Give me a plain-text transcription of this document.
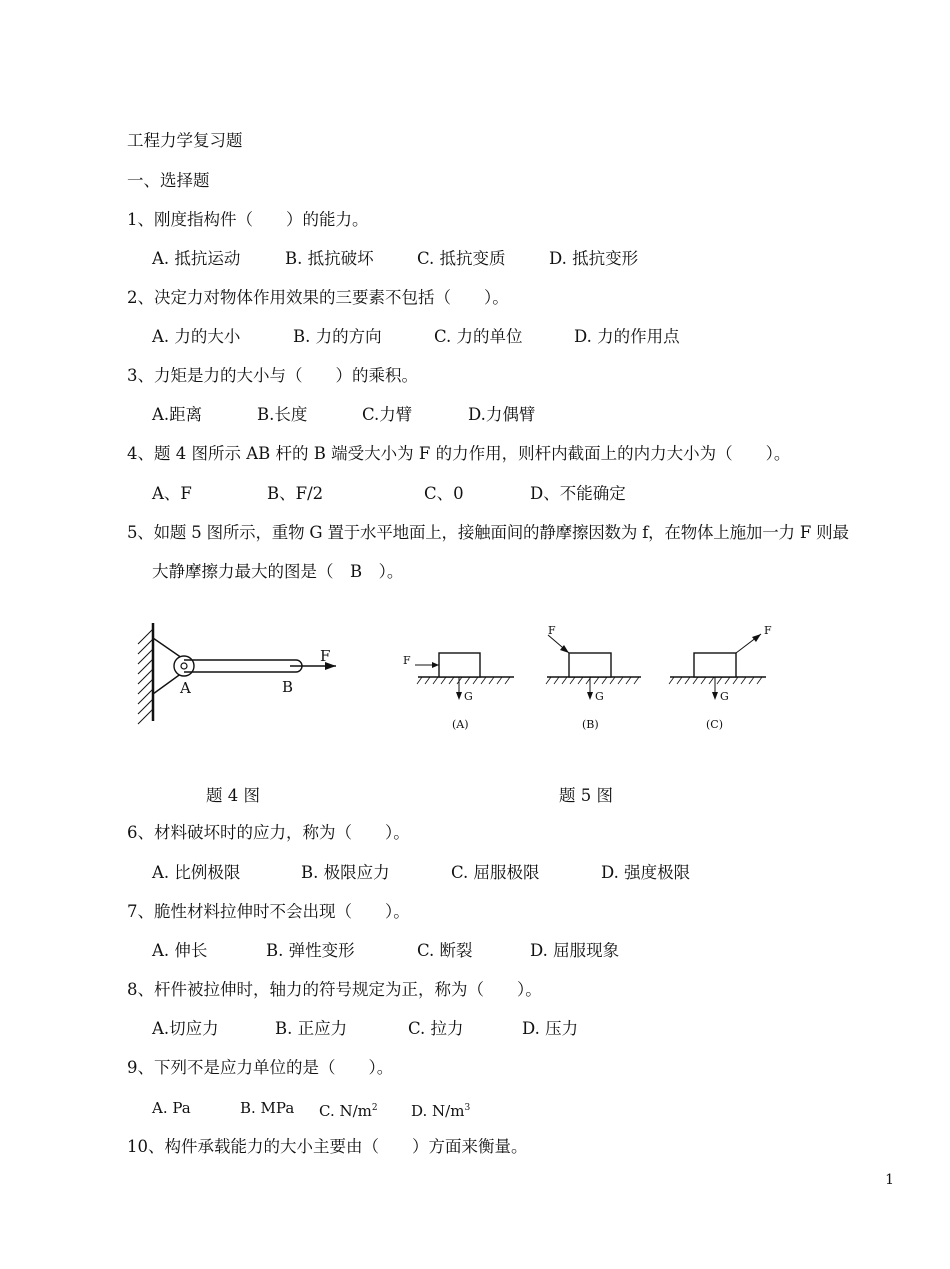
工程力学复习题
一、选择题
1、刚度指构件（　　）的能力。
A. 抵抗运动	B. 抵抗破坏	C. 抵抗变质	D. 抵抗变形
2、决定力对物体作用效果的三要素不包括（　　）。
A. 力的大小	B. 力的方向	C. 力的单位	D. 力的作用点
3、力矩是力的大小与（　　）的乘积。
A.距离	B.长度	C.力臂	D.力偶臂
4、题 4 图所示 AB 杆的 B 端受大小为 F 的力作用，则杆内截面上的内力大小为（　　）。
A、F	B、F/2	C、0	D、不能确定
5、如题 5 图所示，重物 G 置于水平地面上，接触面间的静摩擦因数为 f，在物体上施加一力 F 则最
大静摩擦力最大的图是（　B　）。
A	B
F	F
G
(A)
F
G
(B)
F
G
(C)
题 4 图	题 5 图
6、材料破坏时的应力，称为（　　）。
A. 比例极限	B. 极限应力	C. 屈服极限	D. 强度极限
7、脆性材料拉伸时不会出现（　　）。
A. 伸长	B. 弹性变形	C. 断裂	D. 屈服现象
8、杆件被拉伸时，轴力的符号规定为正，称为（　　）。
A.切应力	B. 正应力	C. 拉力	D. 压力
9、下列不是应力单位的是（　　）。
A. Pa	B. MPa C. $N/m^2$ D. $N/m^3$
10、构件承载能力的大小主要由（　　）方面来衡量。
1
